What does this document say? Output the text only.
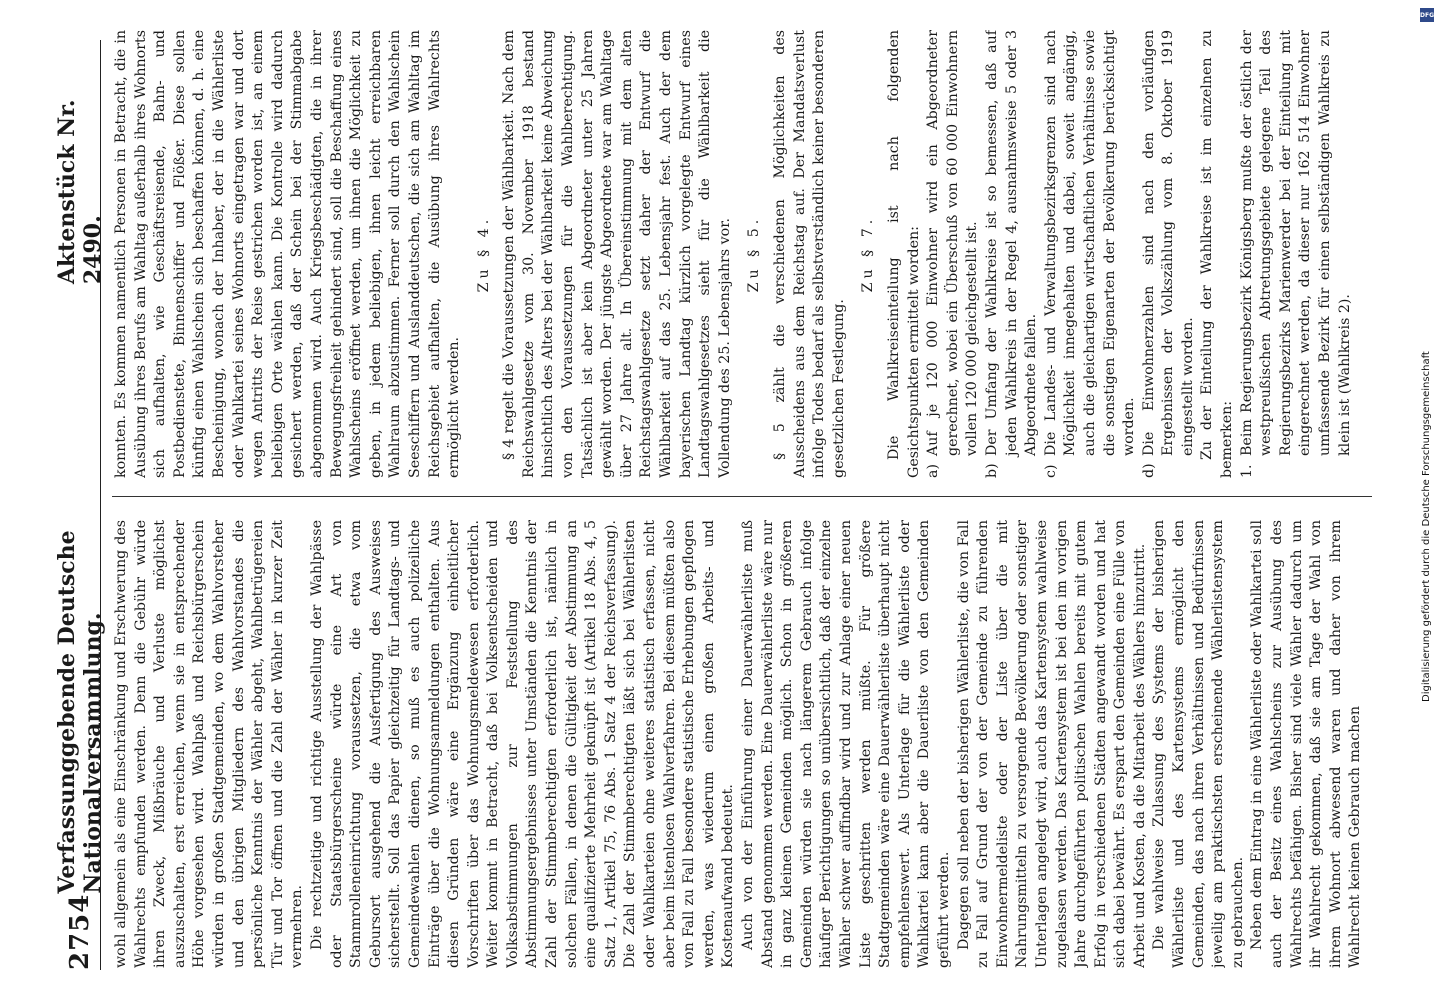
2754
Verfassunggebende Deutsche Nationalversammlung.
Aktenstück Nr. 2490.

wohl allgemein als eine Einschränkung und Erschwerung des Wahlrechts empfunden werden. Denn die Gebühr würde ihren Zweck, Mißbräuche und Verluste möglichst auszuschalten, erst erreichen, wenn sie in entsprechender Höhe vorgesehen wird. Wahlpaß und Reichsbürgerschein würden in großen Stadtgemeinden, wo dem Wahlvorsteher und den übrigen Mitgliedern des Wahlvorstandes die persönliche Kenntnis der Wähler abgeht, Wahlbetrügereien Tür und Tor öffnen und die Zahl der Wähler in kurzer Zeit vermehren. Die rechtzeitige und richtige Ausstellung der Wahlpässe oder Staatsbürgerscheine würde eine Art von Stammrolleneinrichtung voraussetzen, die etwa vom Gebursort ausgehend die Ausfertigung des Ausweises sicherstellt. Soll das Papier gleichzeitig für Landtags- und Gemeindewahlen dienen, so muß es auch polizeiliche Einträge über die Wohnungsanmeldungen enthalten. Aus diesen Gründen wäre eine Ergänzung einheitlicher Vorschriften über das Wohnungsmeldewesen erforderlich. Weiter kommt in Betracht, daß bei Volksentscheiden und Volksabstimmungen zur Feststellung des Abstimmungsergebnisses unter Umständen die Kenntnis der Zahl der Stimmberechtigten erforderlich ist, nämlich in solchen Fällen, in denen die Gültigkeit der Abstimmung an eine qualifizierte Mehrheit geknüpft ist (Artikel 18 Abs. 4, 5 Satz 1, Artikel 75, 76 Abs. 1 Satz 4 der Reichsverfassung). Die Zahl der Stimmberechtigten läßt sich bei Wählerlisten oder Wahlkarteien ohne weiteres statistisch erfassen, nicht aber beim listenlosen Wahlverfahren. Bei diesem müßten also von Fall zu Fall besondere statistische Erhebungen gepflogen werden, was wiederum einen großen Arbeits- und Kostenaufwand bedeutet. Auch von der Einführung einer Dauerwählerliste muß Abstand genommen werden. Eine Dauerwählerliste wäre nur in ganz kleinen Gemeinden möglich. Schon in größeren Gemeinden würden sie nach längerem Gebrauch infolge häufiger Berichtigungen so unübersichtlich, daß der einzelne Wähler schwer auffindbar wird und zur Anlage einer neuen Liste geschritten werden müßte. Für größere Stadtgemeinden wäre eine Dauerwählerliste überhaupt nicht empfehlenswert. Als Unterlage für die Wählerliste oder Wahlkartei kann aber die Dauerliste von den Gemeinden geführt werden. Dagegen soll neben der bisherigen Wählerliste, die von Fall zu Fall auf Grund der von der Gemeinde zu führenden Einwohnermeldeliste oder der Liste über die mit Nahrungsmitteln zu versorgende Bevölkerung oder sonstiger Unterlagen angelegt wird, auch das Kartensystem wahlweise zugelassen werden. Das Kartensystem ist bei den im vorigen Jahre durchgeführten politischen Wahlen bereits mit gutem Erfolg in verschiedenen Städten angewandt worden und hat sich dabei bewährt. Es erspart den Gemeinden eine Fülle von Arbeit und Kosten, da die Mitarbeit des Wählers hinzutritt. Die wahlweise Zulassung des Systems der bisherigen Wählerliste und des Kartensystems ermöglicht den Gemeinden, das nach ihren Verhältnissen und Bedürfnissen jeweilig am praktischsten erscheinende Wählerlistensystem zu gebrauchen. Neben dem Eintrag in eine Wählerliste oder Wahlkartei soll auch der Besitz eines Wahlscheins zur Ausübung des Wahlrechts befähigen. Bisher sind viele Wähler dadurch um ihr Wahlrecht gekommen, daß sie am Tage der Wahl von ihrem Wohnort abwesend waren und daher von ihrem Wahlrecht keinen Gebrauch machen

konnten. Es kommen namentlich Personen in Betracht, die in Ausübung ihres Berufs am Wahltag außerhalb ihres Wohnorts sich aufhalten, wie Geschäftsreisende, Bahn- und Postbedienstete, Binnenschiffer und Flößer. Diese sollen künftig einen Wahlschein sich beschaffen können, d. h. eine Bescheinigung, wonach der Inhaber, der in die Wählerliste oder Wahlkartei seines Wohnorts eingetragen war und dort wegen Antritts der Reise gestrichen worden ist, an einem beliebigen Orte wählen kann. Die Kontrolle wird dadurch gesichert werden, daß der Schein bei der Stimmabgabe abgenommen wird. Auch Kriegsbeschädigten, die in ihrer Bewegungsfreiheit gehindert sind, soll die Beschaffung eines Wahlscheins eröffnet werden, um ihnen die Möglichkeit zu geben, in jedem beliebigen, ihnen leicht erreichbaren Wahlraum abzustimmen. Ferner soll durch den Wahlschein Seeschiffern und Auslanddeutschen, die sich am Wahltag im Reichsgebiet aufhalten, die Ausübung ihres Wahlrechts ermöglicht werden.

Zu § 4. § 4 regelt die Voraussetzungen der Wählbarkeit. Nach dem Reichswahlgesetze vom 30. November 1918 bestand hinsichtlich des Alters bei der Wählbarkeit keine Abweichung von den Voraussetzungen für die Wahlberechtigung. Tatsächlich ist aber kein Abgeordneter unter 25 Jahren gewählt worden. Der jüngste Abgeordnete war am Wahltage über 27 Jahre alt. In Übereinstimmung mit dem alten Reichstagswahlgesetze setzt daher der Entwurf die Wählbarkeit auf das 25. Lebensjahr fest. Auch der dem bayerischen Landtag kürzlich vorgelegte Entwurf eines Landtagswahlgesetzes sieht für die Wählbarkeit die Vollendung des 25. Lebensjahrs vor. Zu § 5. § 5 zählt die verschiedenen Möglichkeiten des Ausscheidens aus dem Reichstag auf. Der Mandatsverlust infolge Todes bedarf als selbstverständlich keiner besonderen gesetzlichen Festlegung.

Zu § 7. Die Wahlkreiseinteilung ist nach folgenden Gesichtspunkten ermittelt worden: a)Auf je 120 000 Einwohner wird ein Abgeordneter gerechnet, wobei ein Überschuß von 60 000 Einwohnern vollen 120 000 gleichgestellt ist.
b)Der Umfang der Wahlkreise ist so bemessen, daß auf jeden Wahlkreis in der Regel 4, ausnahmsweise 5 oder 3 Abgeordnete fallen.
c)Die Landes- und Verwaltungsbezirksgrenzen sind nach Möglichkeit innegehalten und dabei, soweit angängig, auch die gleichartigen wirtschaftlichen Verhältnisse sowie die sonstigen Eigenarten der Bevölkerung berücksichtigt worden.
d)Die Einwohnerzahlen sind nach den vorläufigen Ergebnissen der Volkszählung vom 8. Oktober 1919 eingestellt worden. Zu der Einteilung der Wahlkreise ist im einzelnen zu bemerken: 1.Beim Regierungsbezirk Königsberg mußte der östlich der westpreußischen Abtretungsgebiete gelegene Teil des Regierungsbezirks Marienwerder bei der Einteilung mit eingerechnet werden, da dieser nur 162 514 Einwohner umfassende Bezirk für einen selbständigen Wahlkreis zu klein ist (Wahlkreis 2).
DFG
Digitalisierung gefördert durch die Deutsche Forschungsgemeinschaft
